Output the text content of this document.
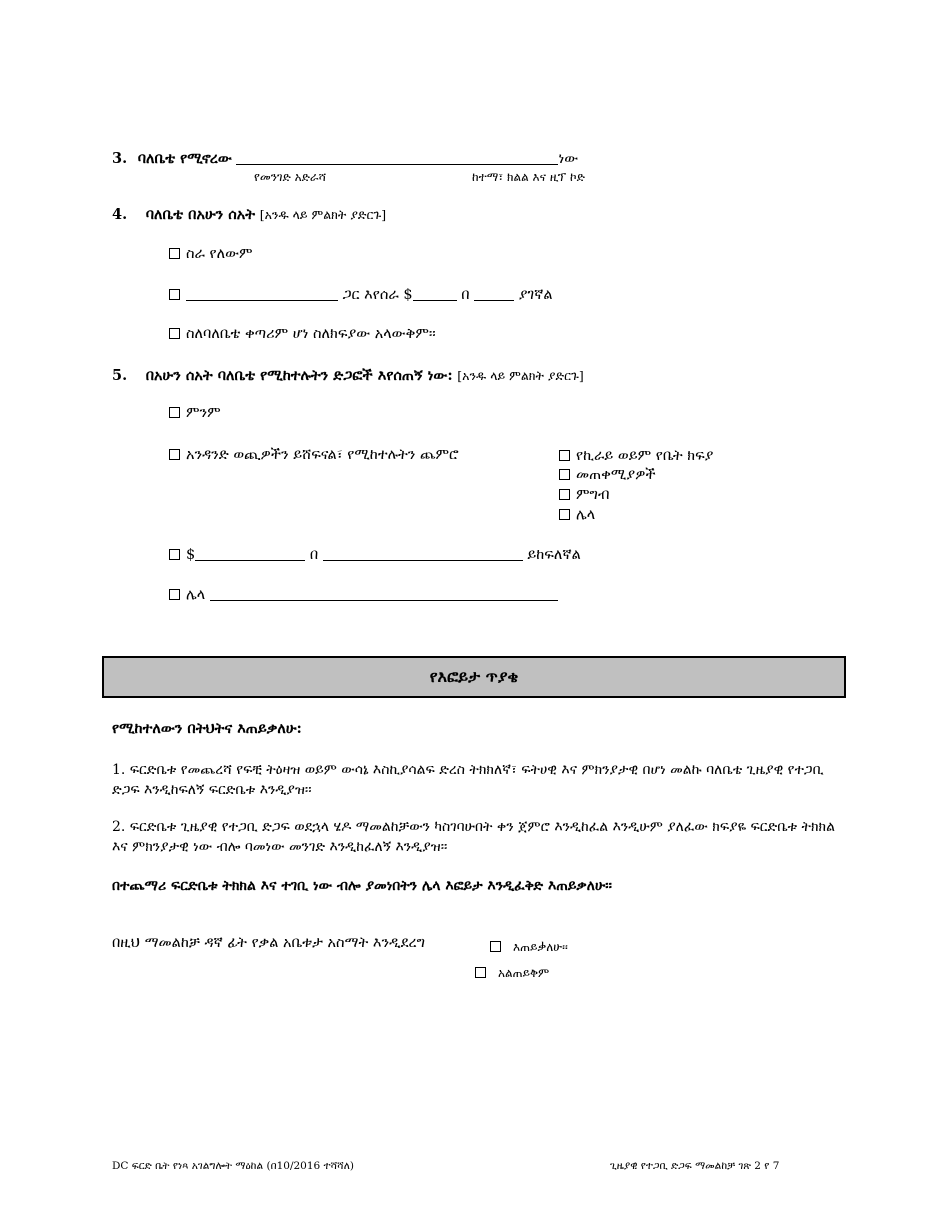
3. ባለቤቴ የሚኖረው	ነው
የመንገድ አድራሻ	ከተማ፣ ክልል እና ዚፕ ኮድ
4. ባለቤቴ በአሁን ሰአት [አንዱ ላይ ምልክት ያድርጉ]
ስራ የለውም
ጋር እየሰራ $	በ	ያገኛል
ስለባለቤቴ ቀጣሪም ሆነ ስለክፍያው አላውቅም፡፡
5. በአሁን ሰአት ባለቤቴ የሚከተሉትን ድጋፎች እየሰጠኝ ነው: [አንዱ ላይ ምልክት ያድርጉ]
ምንም
አንዳንድ ወጪዎችን ይሸፍናል፣ የሚከተሉትን ጨምሮ	የኪራይ ወይም የቤት ክፍያ
መጠቀሚያዎች
ምግብ
ሌላ
$	በ	ይከፍለኛል
ሌላ
የእፎይታ ጥያቄ
የሚከተለውን በትህትና እጠይቃለሁ:
1. ፍርድቤቱ የመጨረሻ የፍቺ ትዕዛዝ ወይም ውሳኔ እስኪያሳልፍ ድረስ ትክክለኛ፣ ፍትሀዊ እና ምክንያታዊ በሆነ መልኩ ባለቤቴ ጊዜያዊ የተጋቢ ድጋፍ እንዲከፍለኝ ፍርድቤቱ እንዲያዝ፡፡
2. ፍርድቤቱ ጊዜያዊ የተጋቢ ድጋፍ ወደኋላ ሄዶ ማመልከቻውን ካስገባሁበት ቀን ጀምሮ እንዲከፈል እንዲሁም ያለፈው ክፍያዬ ፍርድቤቱ ትክክል እና ምክንያታዊ ነው ብሎ ባመነው መንገድ እንዲከፈለኝ እንዲያዝ፡፡
በተጨማሪ ፍርድቤቱ ትክክል እና ተገቢ ነው ብሎ ያመነበትን ሌላ እፎይታ እንዲፈቅድ እጠይቃለሁ፡፡
በዚህ ማመልከቻ ዳኛ ፊት የቃል አቤቱታ አስማት እንዲደረግ	እጠይቃለሁ፡፡
አልጠይቅም
DC ፍርድ ቤት የነጻ አገልግሎት ማዕከል (በ10/2016 ተሻሻለ)	ጊዜያዊ የተጋቢ ድጋፍ ማመልከቻ ገጽ 2 የ 7
